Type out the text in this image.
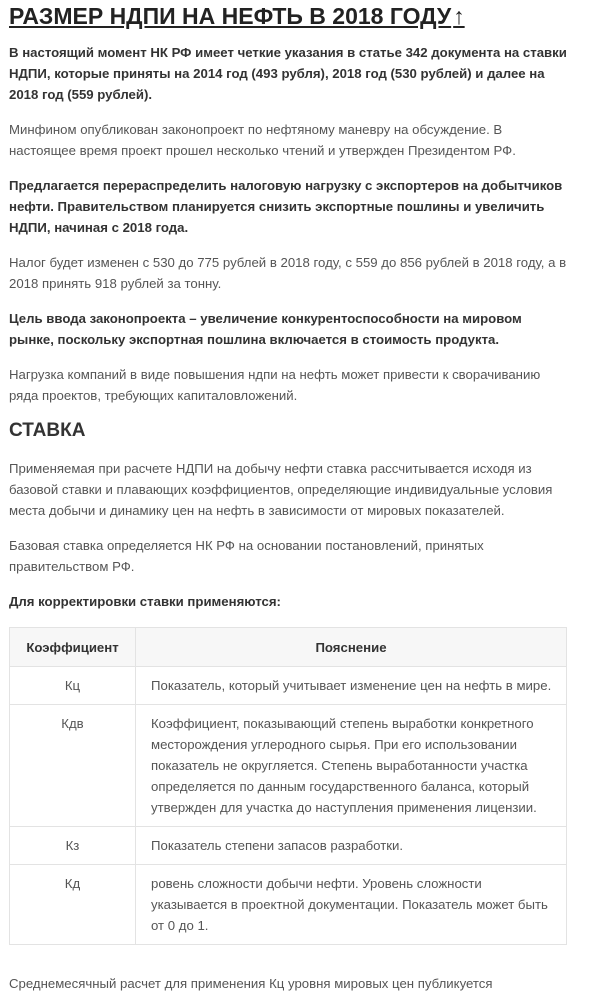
РАЗМЕР НДПИ НА НЕФТЬ В 2018 ГОДУ↑

В настоящий момент НК РФ имеет четкие указания в статье 342 документа на ставки НДПИ, которые приняты на 2014 год (493 рубля), 2018 год (530 рублей) и далее на 2018 год (559 рублей).

Минфином опубликован законопроект по нефтяному маневру на обсуждение. В настоящее время проект прошел несколько чтений и утвержден Президентом РФ.

Предлагается перераспределить налоговую нагрузку с экспортеров на добытчиков нефти. Правительством планируется снизить экспортные пошлины и увеличить НДПИ, начиная с 2018 года.

Налог будет изменен с 530 до 775 рублей в 2018 году, с 559 до 856 рублей в 2018 году, а в 2018 принять 918 рублей за тонну.

Цель ввода законопроекта – увеличение конкурентоспособности на мировом рынке, поскольку экспортная пошлина включается в стоимость продукта.

Нагрузка компаний в виде повышения ндпи на нефть может привести к сворачиванию ряда проектов, требующих капиталовложений.

СТАВКА

Применяемая при расчете НДПИ на добычу нефти ставка рассчитывается исходя из базовой ставки и плавающих коэффициентов, определяющие индивидуальные условия места добычи и динамику цен на нефть в зависимости от мировых показателей.

Базовая ставка определяется НК РФ на основании постановлений, принятых правительством РФ.

Для корректировки ставки применяются:

Коэффициент	Пояснение
Кц	Показатель, который учитывает изменение цен на нефть в мире.
Кдв	Коэффициент, показывающий степень выработки конкретного месторождения углеродного сырья. При его использовании показатель не округляется. Степень выработанности участка определяется по данным государственного баланса, который утвержден для участка до наступления применения лицензии.
Кз	Показатель степени запасов разработки.
Кд	ровень сложности добычи нефти. Уровень сложности указывается в проектной документации. Показатель может быть от 0 до 1.

Среднемесячный расчет для применения Кц уровня мировых цен публикуется
